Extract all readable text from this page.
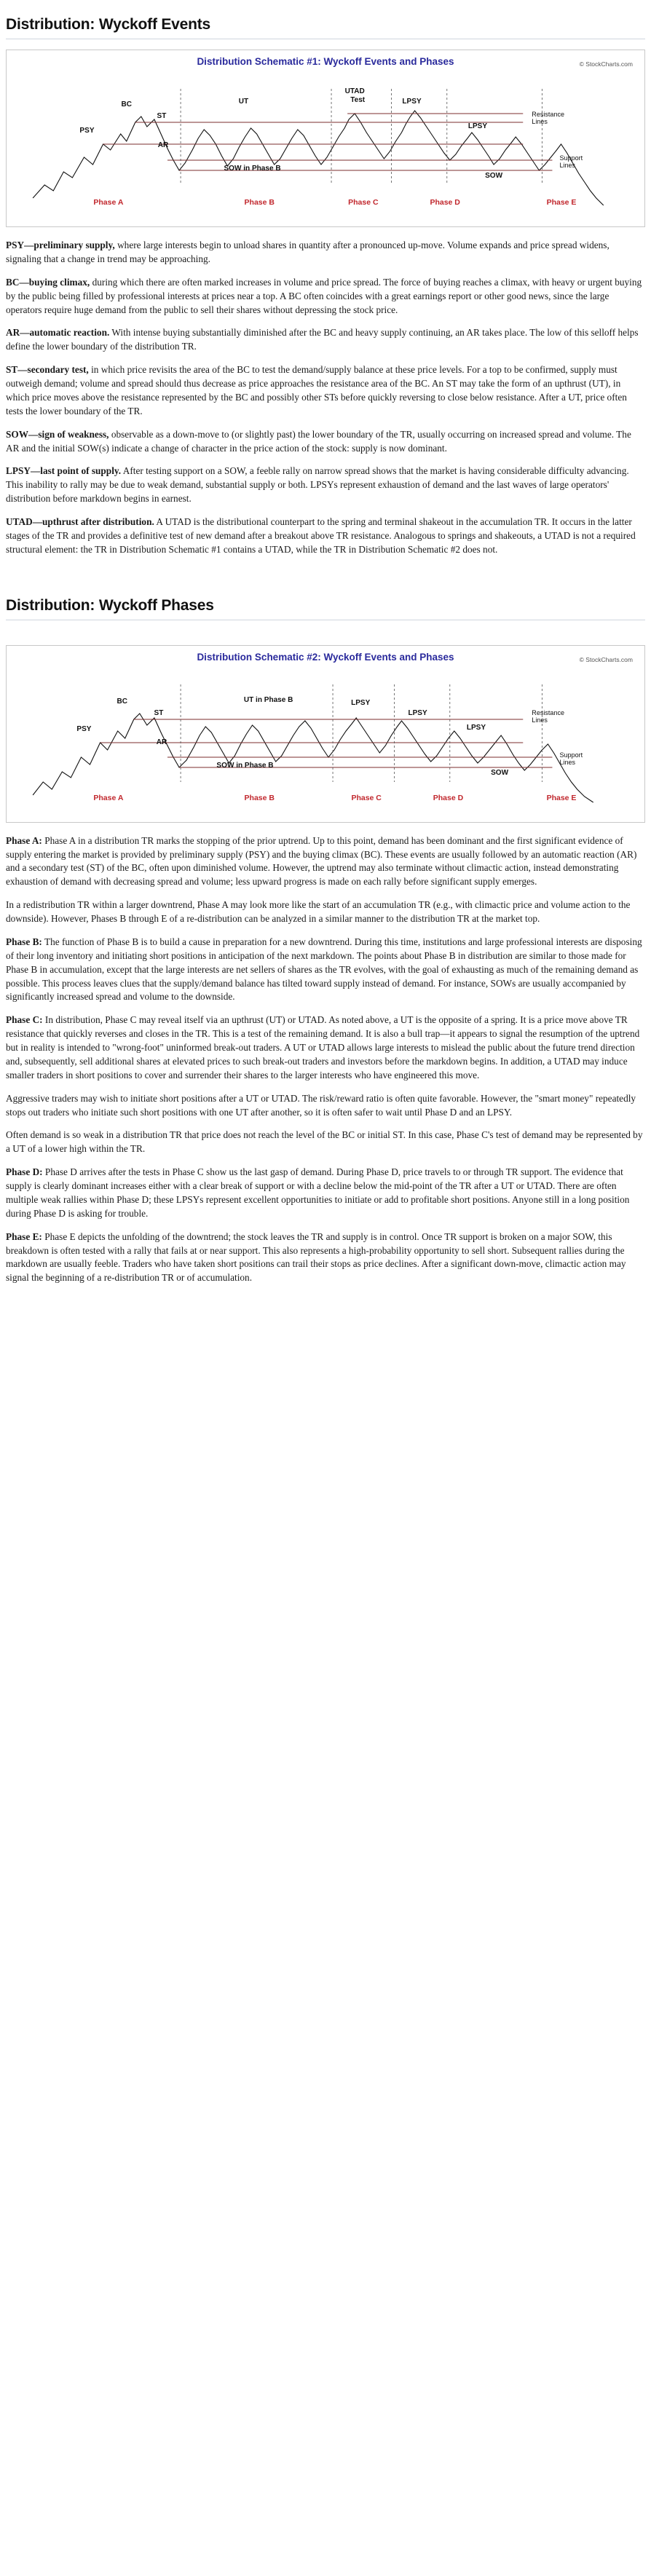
Distribution: Wyckoff Events
© StockCharts.com
Distribution Schematic #1: Wyckoff Events and Phases
PSY
BC
ST
AR
SOW in Phase B
UT
UTAD
Test	LPSY
LPSY
SOW
Resistance
Lines
Support
Lines
Phase A	Phase B	Phase C	Phase D	Phase E

PSY—preliminary supply, where large interests begin to unload shares in quantity after a pronounced up-move. Volume expands and price spread widens, signaling that a change in trend may be approaching.

BC—buying climax, during which there are often marked increases in volume and price spread. The force of buying reaches a climax, with heavy or urgent buying by the public being filled by professional interests at prices near a top. A BC often coincides with a great earnings report or other good news, since the large operators require huge demand from the public to sell their shares without depressing the stock price.

AR—automatic reaction. With intense buying substantially diminished after the BC and heavy supply continuing, an AR takes place. The low of this selloff helps define the lower boundary of the distribution TR.

ST—secondary test, in which price revisits the area of the BC to test the demand/supply balance at these price levels. For a top to be confirmed, supply must outweigh demand; volume and spread should thus decrease as price approaches the resistance area of the BC. An ST may take the form of an upthrust (UT), in which price moves above the resistance represented by the BC and possibly other STs before quickly reversing to close below resistance. After a UT, price often tests the lower boundary of the TR.

SOW—sign of weakness, observable as a down-move to (or slightly past) the lower boundary of the TR, usually occurring on increased spread and volume. The AR and the initial SOW(s) indicate a change of character in the price action of the stock: supply is now dominant.

LPSY—last point of supply. After testing support on a SOW, a feeble rally on narrow spread shows that the market is having considerable difficulty advancing. This inability to rally may be due to weak demand, substantial supply or both. LPSYs represent exhaustion of demand and the last waves of large operators' distribution before markdown begins in earnest.

UTAD—upthrust after distribution. A UTAD is the distributional counterpart to the spring and terminal shakeout in the accumulation TR. It occurs in the latter stages of the TR and provides a definitive test of new demand after a breakout above TR resistance. Analogous to springs and shakeouts, a UTAD is not a required structural element: the TR in Distribution Schematic #1 contains a UTAD, while the TR in Distribution Schematic #2 does not.

Distribution: Wyckoff Phases
© StockCharts.com
Distribution Schematic #2: Wyckoff Events and Phases
PSY
BC
ST
AR
SOW in Phase B
UT in Phase B	LPSY
LPSY
LPSY
SOW
Resistance
Lines
Support
Lines
Phase A	Phase B	Phase C	Phase D	Phase E

Phase A: Phase A in a distribution TR marks the stopping of the prior uptrend. Up to this point, demand has been dominant and the first significant evidence of supply entering the market is provided by preliminary supply (PSY) and the buying climax (BC). These events are usually followed by an automatic reaction (AR) and a secondary test (ST) of the BC, often upon diminished volume. However, the uptrend may also terminate without climactic action, instead demonstrating exhaustion of demand with decreasing spread and volume; less upward progress is made on each rally before significant supply emerges.

In a redistribution TR within a larger downtrend, Phase A may look more like the start of an accumulation TR (e.g., with climactic price and volume action to the downside). However, Phases B through E of a re-distribution can be analyzed in a similar manner to the distribution TR at the market top.

Phase B: The function of Phase B is to build a cause in preparation for a new downtrend. During this time, institutions and large professional interests are disposing of their long inventory and initiating short positions in anticipation of the next markdown. The points about Phase B in distribution are similar to those made for Phase B in accumulation, except that the large interests are net sellers of shares as the TR evolves, with the goal of exhausting as much of the remaining demand as possible. This process leaves clues that the supply/demand balance has tilted toward supply instead of demand. For instance, SOWs are usually accompanied by significantly increased spread and volume to the downside.

Phase C: In distribution, Phase C may reveal itself via an upthrust (UT) or UTAD. As noted above, a UT is the opposite of a spring. It is a price move above TR resistance that quickly reverses and closes in the TR. This is a test of the remaining demand. It is also a bull trap—it appears to signal the resumption of the uptrend but in reality is intended to "wrong-foot" uninformed break-out traders. A UT or UTAD allows large interests to mislead the public about the future trend direction and, subsequently, sell additional shares at elevated prices to such break-out traders and investors before the markdown begins. In addition, a UTAD may induce smaller traders in short positions to cover and surrender their shares to the larger interests who have engineered this move.

Aggressive traders may wish to initiate short positions after a UT or UTAD. The risk/reward ratio is often quite favorable. However, the "smart money" repeatedly stops out traders who initiate such short positions with one UT after another, so it is often safer to wait until Phase D and an LPSY.

Often demand is so weak in a distribution TR that price does not reach the level of the BC or initial ST. In this case, Phase C's test of demand may be represented by a UT of a lower high within the TR.

Phase D: Phase D arrives after the tests in Phase C show us the last gasp of demand. During Phase D, price travels to or through TR support. The evidence that supply is clearly dominant increases either with a clear break of support or with a decline below the mid-point of the TR after a UT or UTAD. There are often multiple weak rallies within Phase D; these LPSYs represent excellent opportunities to initiate or add to profitable short positions. Anyone still in a long position during Phase D is asking for trouble.

Phase E: Phase E depicts the unfolding of the downtrend; the stock leaves the TR and supply is in control. Once TR support is broken on a major SOW, this breakdown is often tested with a rally that fails at or near support. This also represents a high-probability opportunity to sell short. Subsequent rallies during the markdown are usually feeble. Traders who have taken short positions can trail their stops as price declines. After a significant down-move, climactic action may signal the beginning of a re-distribution TR or of accumulation.
